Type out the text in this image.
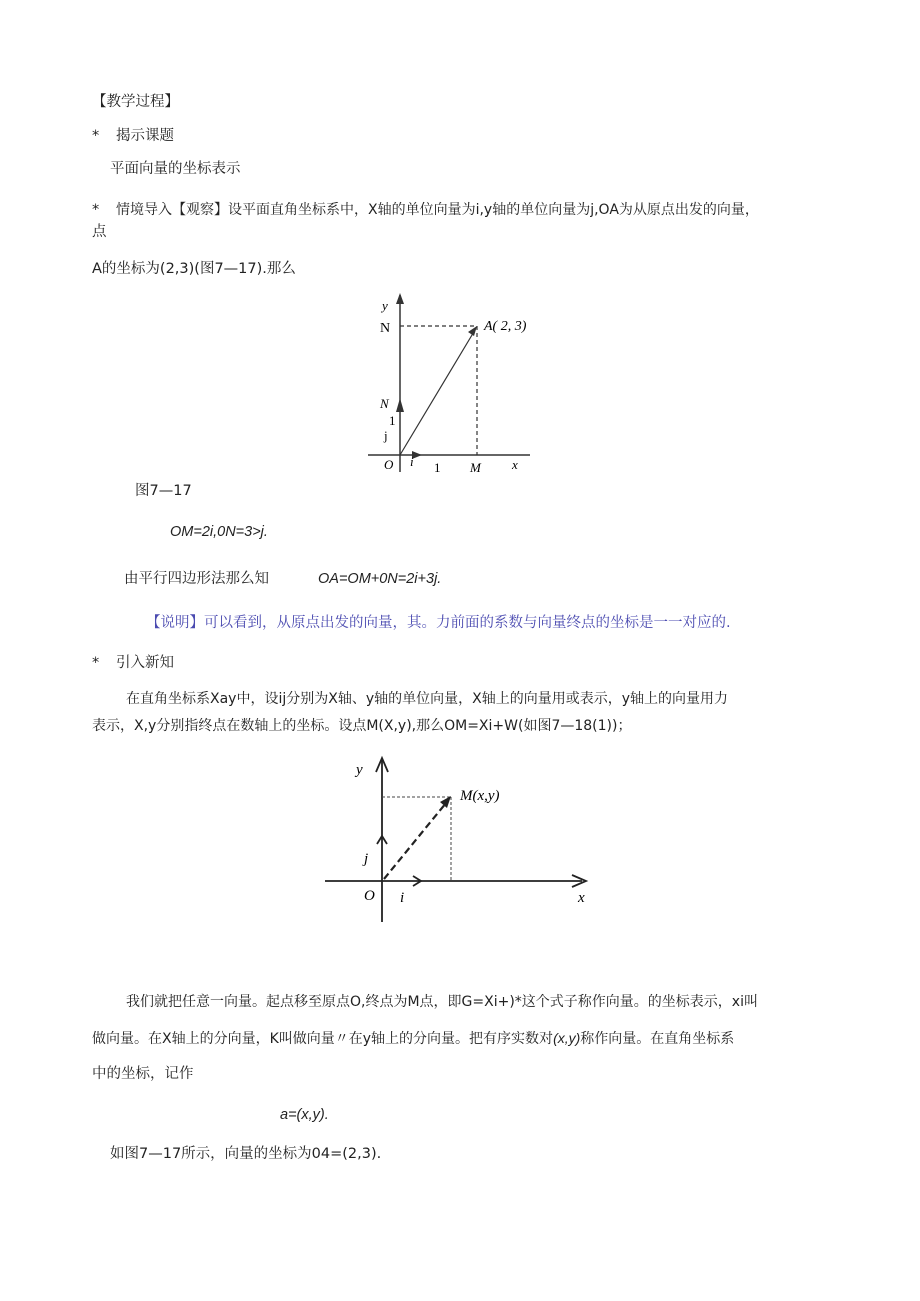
【教学过程】
* 揭示课题
平面向量的坐标表示
* 情境导入【观察】设平面直角坐标系中，X轴的单位向量为i,y轴的单位向量为j,OA为从原点出发的向量，
点
A的坐标为(2,3)(图7—17).那么
y
N	A( 2, 3)
N
1
j
O i 1 M x
图7—17
OM=2i,0N=3>j.
由平行四边形法那么知	OA=OM+0N=2i+3j.
【说明】可以看到，从原点出发的向量，其。力前面的系数与向量终点的坐标是一一对应的.
* 引入新知
在直角坐标系Xay中，设ij分别为X轴、y轴的单位向量，X轴上的向量用或表示，y轴上的向量用力
表示，X,y分别指终点在数轴上的坐标。设点M(X,y),那么OM=Xi+W(如图7—18(1))；
y
M(x,y)
j
O i	x
我们就把任意一向量。起点移至原点O,终点为M点，即G=Xi+)*这个式子称作向量。的坐标表示，xi叫
做向量。在X轴上的分向量，K叫做向量〃在y轴上的分向量。把有序实数对(x,y)称作向量。在直角坐标系
中的坐标，记作
a=(x,y).
如图7—17所示，向量的坐标为04=(2,3).
